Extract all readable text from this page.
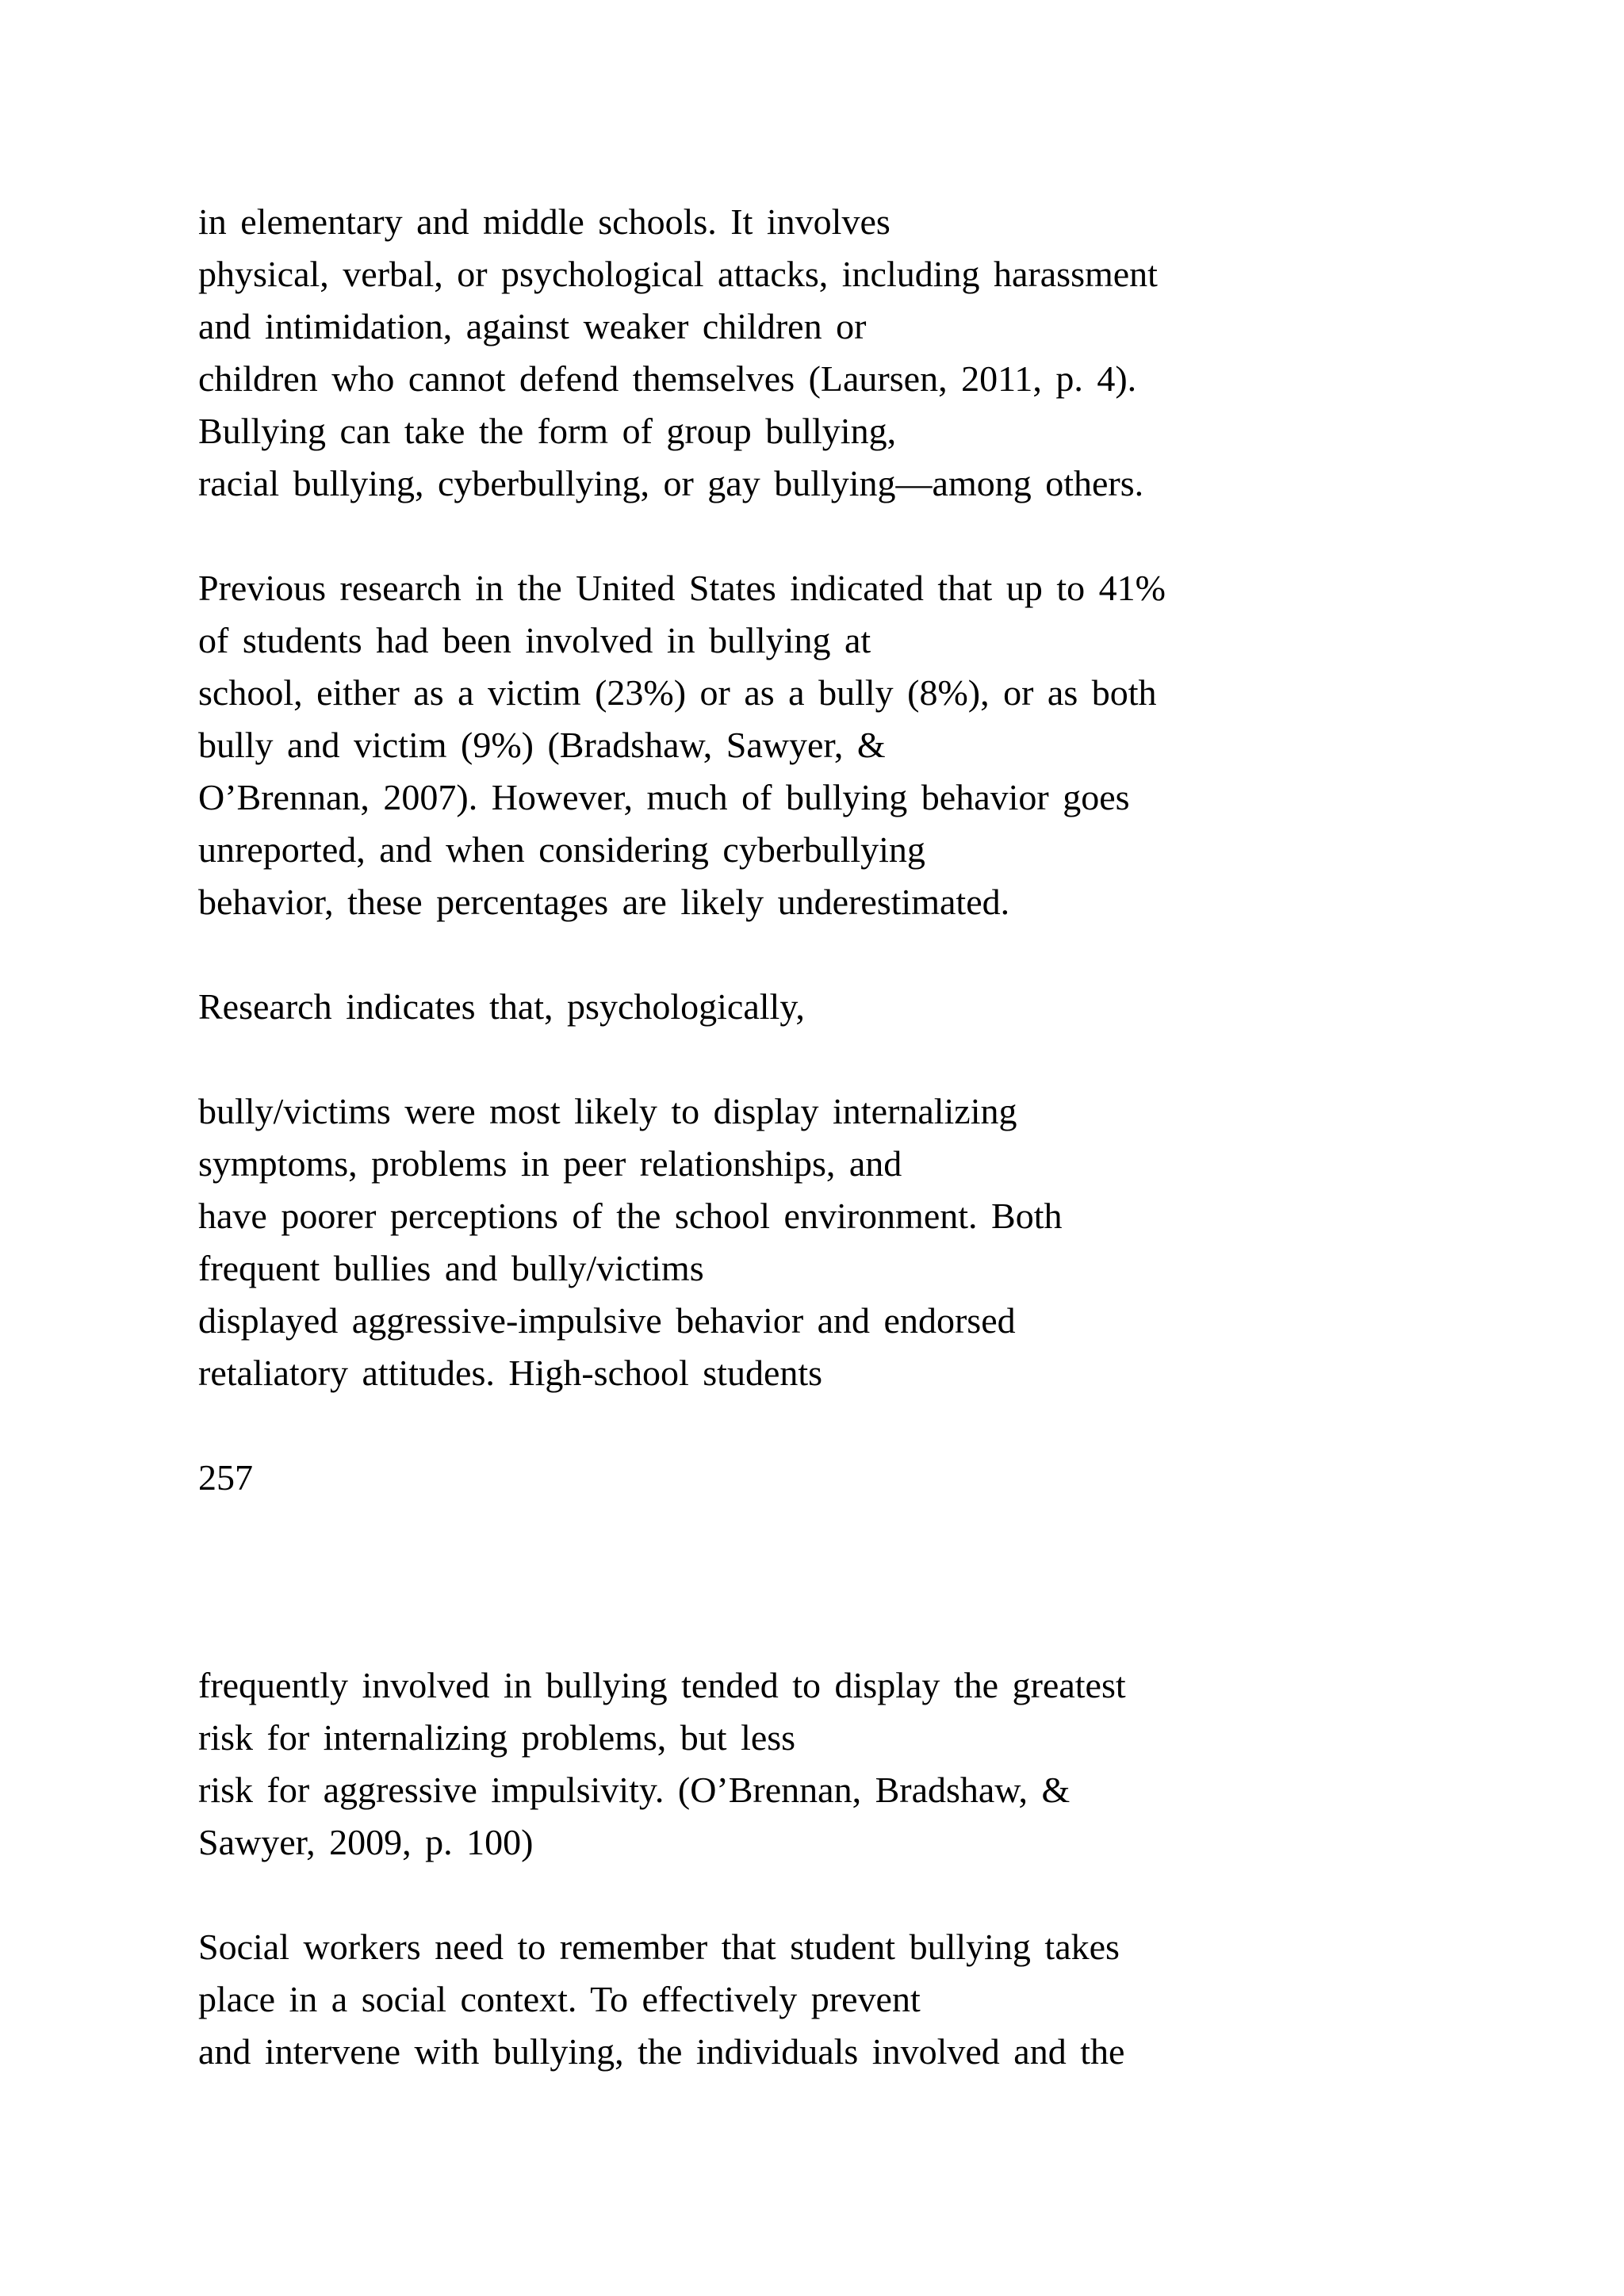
in elementary and middle schools. It involves
physical, verbal, or psychological attacks, including harassment
and intimidation, against weaker children or
children who cannot defend themselves (Laursen, 2011, p. 4).
Bullying can take the form of group bullying,
racial bullying, cyberbullying, or gay bullying—among others.
Previous research in the United States indicated that up to 41%
of students had been involved in bullying at
school, either as a victim (23%) or as a bully (8%), or as both
bully and victim (9%) (Bradshaw, Sawyer, &
O’Brennan, 2007). However, much of bullying behavior goes
unreported, and when considering cyberbullying
behavior, these percentages are likely underestimated.
Research indicates that, psychologically,
bully/victims were most likely to display internalizing
symptoms, problems in peer relationships, and
have poorer perceptions of the school environment. Both
frequent bullies and bully/victims
displayed aggressive-impulsive behavior and endorsed
retaliatory attitudes. High-school students
257
frequently involved in bullying tended to display the greatest
risk for internalizing problems, but less
risk for aggressive impulsivity. (O’Brennan, Bradshaw, &
Sawyer, 2009, p. 100)
Social workers need to remember that student bullying takes
place in a social context. To effectively prevent
and intervene with bullying, the individuals involved and the
